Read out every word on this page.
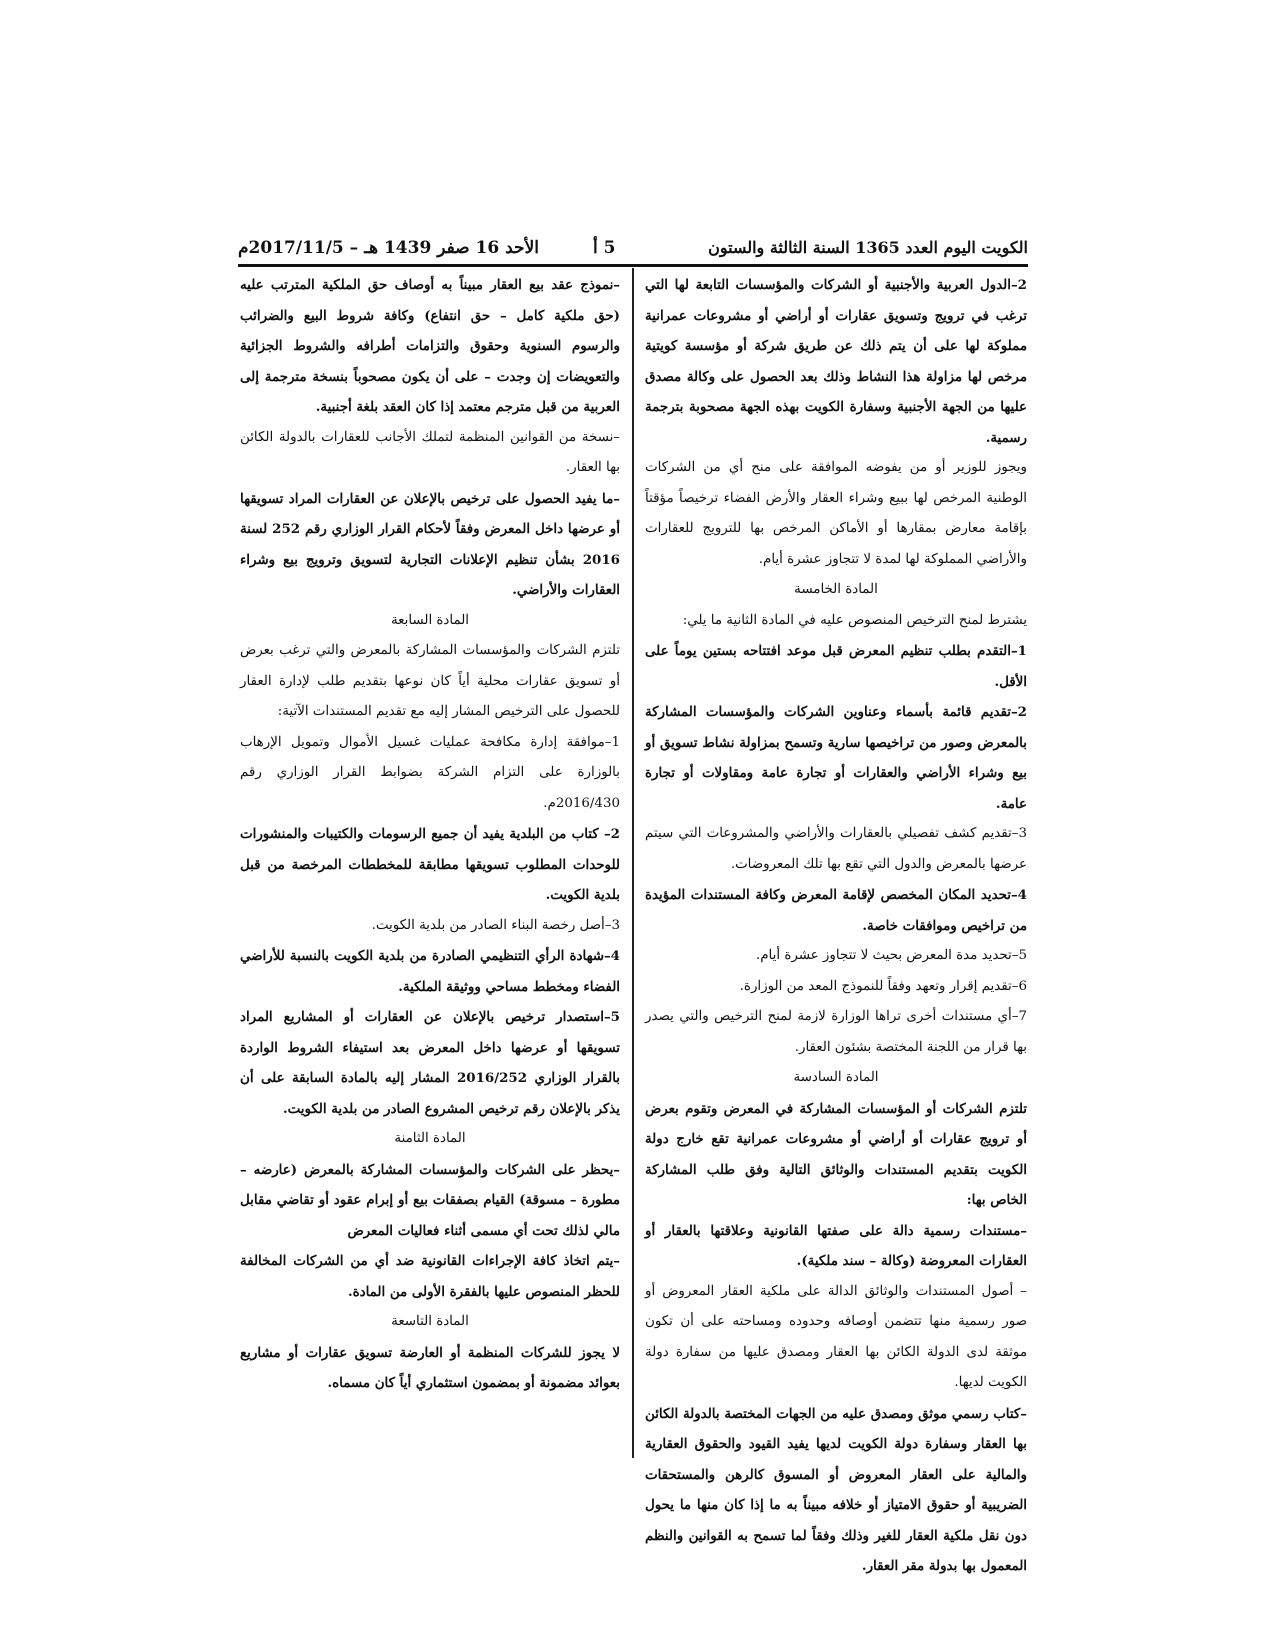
الأحد 16 صفر 1439 هـ – 2017/11/5م	5 أ	الكويت اليوم العدد 1365 السنة الثالثة والستون

2–الدول العربية والأجنبية أو الشركات والمؤسسات التابعة لها التي ترغب في ترويج وتسويق عقارات أو أراضي أو مشروعات عمرانية مملوكة لها على أن يتم ذلك عن طريق شركة أو مؤسسة كويتية مرخص لها مزاولة هذا النشاط وذلك بعد الحصول على وكالة مصدق عليها من الجهة الأجنبية وسفارة الكويت بهذه الجهة مصحوبة بترجمة رسمية.

ويجوز للوزير أو من يفوضه الموافقة على منح أي من الشركات الوطنية المرخص لها ببيع وشراء العقار والأرض الفضاء ترخيصاً مؤقتاً بإقامة معارض بمقارها أو الأماكن المرخص بها للترويج للعقارات والأراضي المملوكة لها لمدة لا تتجاوز عشرة أيام.

المادة الخامسة

يشترط لمنح الترخيص المنصوص عليه في المادة الثانية ما يلي:

1–التقدم بطلب تنظيم المعرض قبل موعد افتتاحه بستين يوماً على الأقل.

2–تقديم قائمة بأسماء وعناوين الشركات والمؤسسات المشاركة بالمعرض وصور من تراخيصها سارية وتسمح بمزاولة نشاط تسويق أو بيع وشراء الأراضي والعقارات أو تجارة عامة ومقاولات أو تجارة عامة.

3–تقديم كشف تفصيلي بالعقارات والأراضي والمشروعات التي سيتم عرضها بالمعرض والدول التي تقع بها تلك المعروضات.

4–تحديد المكان المخصص لإقامة المعرض وكافة المستندات المؤيدة من تراخيص وموافقات خاصة.

5–تحديد مدة المعرض بحيث لا تتجاوز عشرة أيام.

6–تقديم إقرار وتعهد وفقاً للنموذج المعد من الوزارة.

7–أي مستندات أخرى تراها الوزارة لازمة لمنح الترخيص والتي يصدر بها قرار من اللجنة المختصة بشئون العقار.

المادة السادسة

تلتزم الشركات أو المؤسسات المشاركة في المعرض وتقوم بعرض أو ترويج عقارات أو أراضي أو مشروعات عمرانية تقع خارج دولة الكويت بتقديم المستندات والوثائق التالية وفق طلب المشاركة الخاص بها:

–مستندات رسمية دالة على صفتها القانونية وعلاقتها بالعقار أو العقارات المعروضة (وكالة – سند ملكية).

– أصول المستندات والوثائق الدالة على ملكية العقار المعروض أو صور رسمية منها تتضمن أوصافه وحدوده ومساحته على أن تكون موثقة لدى الدولة الكائن بها العقار ومصدق عليها من سفارة دولة الكويت لديها.

–كتاب رسمي موثق ومصدق عليه من الجهات المختصة بالدولة الكائن بها العقار وسفارة دولة الكويت لديها يفيد القيود والحقوق العقارية والمالية على العقار المعروض أو المسوق كالرهن والمستحقات الضريبية أو حقوق الامتياز أو خلافه مبيناً به ما إذا كان منها ما يحول دون نقل ملكية العقار للغير وذلك وفقاً لما تسمح به القوانين والنظم المعمول بها بدولة مقر العقار.

–نموذج عقد بيع العقار مبيناً به أوصاف حق الملكية المترتب عليه (حق ملكية كامل – حق انتفاع) وكافة شروط البيع والضرائب والرسوم السنوية وحقوق والتزامات أطرافه والشروط الجزائية والتعويضات إن وجدت – على أن يكون مصحوباً بنسخة مترجمة إلى العربية من قبل مترجم معتمد إذا كان العقد بلغة أجنبية.

–نسخة من القوانين المنظمة لتملك الأجانب للعقارات بالدولة الكائن بها العقار.

–ما يفيد الحصول على ترخيص بالإعلان عن العقارات المراد تسويقها أو عرضها داخل المعرض وفقاً لأحكام القرار الوزاري رقم 252 لسنة 2016 بشأن تنظيم الإعلانات التجارية لتسويق وترويج بيع وشراء العقارات والأراضي.

المادة السابعة

تلتزم الشركات والمؤسسات المشاركة بالمعرض والتي ترغب بعرض أو تسويق عقارات محلية أياً كان نوعها بتقديم طلب لإدارة العقار للحصول على الترخيص المشار إليه مع تقديم المستندات الآتية:

1–موافقة إدارة مكافحة عمليات غسيل الأموال وتمويل الإرهاب بالوزارة على التزام الشركة بضوابط القرار الوزاري رقم 2016/430م.

2– كتاب من البلدية يفيد أن جميع الرسومات والكتيبات والمنشورات للوحدات المطلوب تسويقها مطابقة للمخططات المرخصة من قبل بلدية الكويت.

3–أصل رخصة البناء الصادر من بلدية الكويت.

4–شهادة الرأي التنظيمي الصادرة من بلدية الكويت بالنسبة للأراضي الفضاء ومخطط مساحي ووثيقة الملكية.

5–استصدار ترخيص بالإعلان عن العقارات أو المشاريع المراد تسويقها أو عرضها داخل المعرض بعد استيفاء الشروط الواردة بالقرار الوزاري 2016/252 المشار إليه بالمادة السابقة على أن يذكر بالإعلان رقم ترخيص المشروع الصادر من بلدية الكويت.

المادة الثامنة

–يحظر على الشركات والمؤسسات المشاركة بالمعرض (عارضه – مطورة – مسوقة) القيام بصفقات بيع أو إبرام عقود أو تقاضي مقابل مالي لذلك تحت أي مسمى أثناء فعاليات المعرض

–يتم اتخاذ كافة الإجراءات القانونية ضد أي من الشركات المخالفة للحظر المنصوص عليها بالفقرة الأولى من المادة.

المادة التاسعة

لا يجوز للشركات المنظمة أو العارضة تسويق عقارات أو مشاريع بعوائد مضمونة أو بمضمون استثماري أياً كان مسماه.
